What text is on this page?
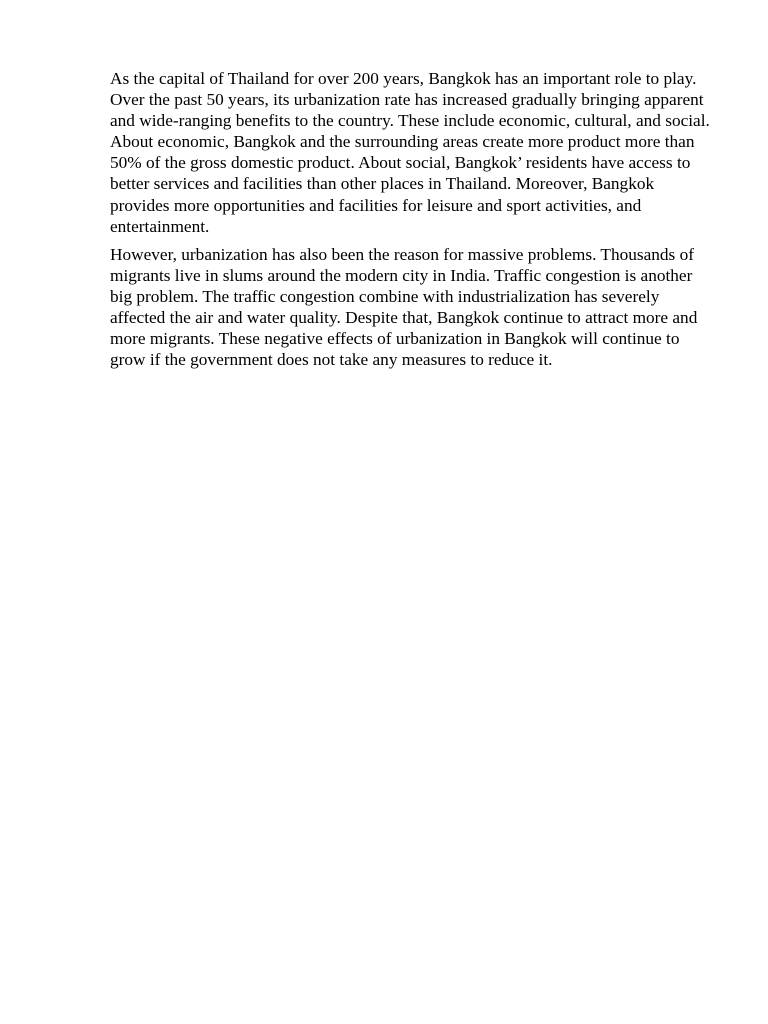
As the capital of Thailand for over 200 years, Bangkok has an important role to play. Over the past 50 years, its urbanization rate has increased gradually bringing apparent and wide-ranging benefits to the country. These include economic, cultural, and social. About economic, Bangkok and the surrounding areas create more product more than 50% of the gross domestic product. About social, Bangkok’ residents have access to better services and facilities than other places in Thailand. Moreover, Bangkok provides more opportunities and facilities for leisure and sport activities, and entertainment.

However, urbanization has also been the reason for massive problems. Thousands of migrants live in slums around the modern city in India. Traffic congestion is another big problem. The traffic congestion combine with industrialization has severely affected the air and water quality. Despite that, Bangkok continue to attract more and more migrants. These negative effects of urbanization in Bangkok will continue to grow if the government does not take any measures to reduce it.
